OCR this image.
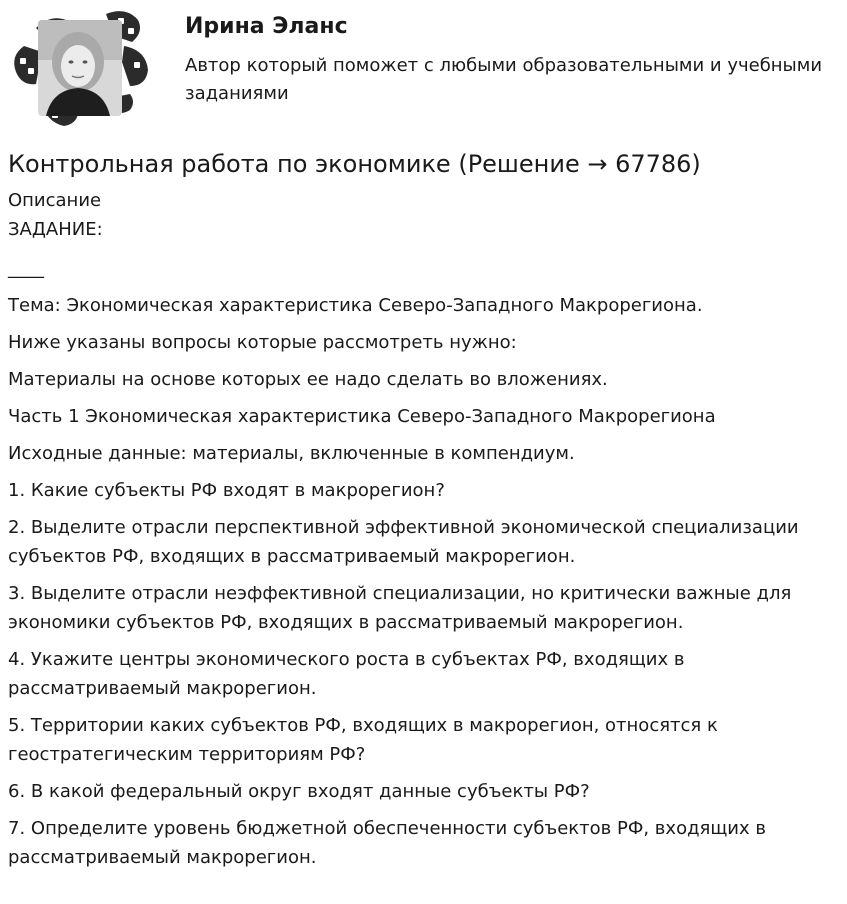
Ирина Эланс
Автор который поможет с любыми образовательными и учебными заданиями
Контрольная работа по экономике (Решение → 67786)
Описание
ЗАДАНИЕ:
____

Тема: Экономическая характеристика Северо-Западного Макрорегиона.

Ниже указаны вопросы которые рассмотреть нужно:

Материалы на основе которых ее надо сделать во вложениях.

Часть 1 Экономическая характеристика Северо-Западного Макрорегиона

Исходные данные: материалы, включенные в компендиум.

1. Какие субъекты РФ входят в макрорегион?

2. Выделите отрасли перспективной эффективной экономической специализации субъектов РФ, входящих в рассматриваемый макрорегион.

3. Выделите отрасли неэффективной специализации, но критически важные для экономики субъектов РФ, входящих в рассматриваемый макрорегион.

4. Укажите центры экономического роста в субъектах РФ, входящих в рассматриваемый макрорегион.

5. Территории каких субъектов РФ, входящих в макрорегион, относятся к геостратегическим территориям РФ?

6. В какой федеральный округ входят данные субъекты РФ?

7. Определите уровень бюджетной обеспеченности субъектов РФ, входящих в рассматриваемый макрорегион.
